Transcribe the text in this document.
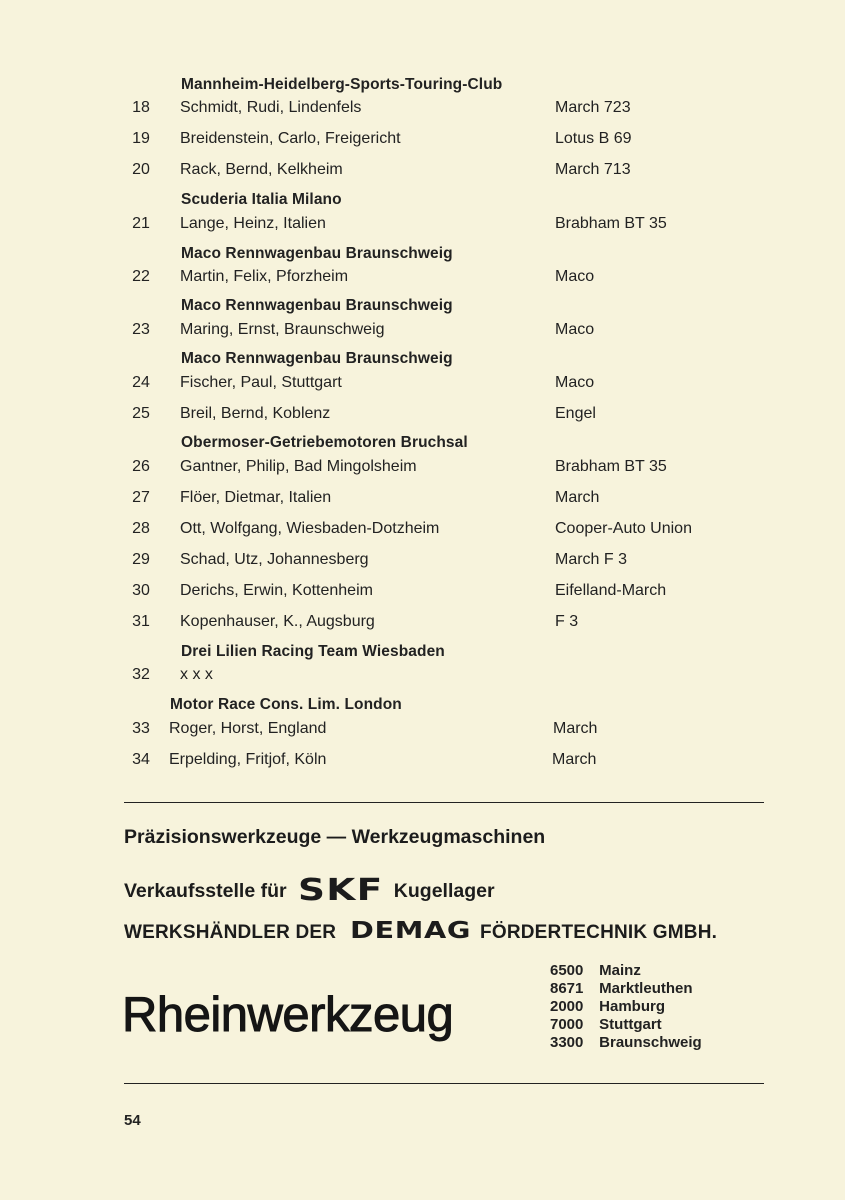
Mannheim-Heidelberg-Sports-Touring-Club
Scuderia Italia Milano
Maco Rennwagenbau Braunschweig
Maco Rennwagenbau Braunschweig
Maco Rennwagenbau Braunschweig
Obermoser-Getriebemotoren Bruchsal
Drei Lilien Racing Team Wiesbaden
Motor Race Cons. Lim. London
18 Schmidt, Rudi, Lindenfels	March 723
19 Breidenstein, Carlo, Freigericht	Lotus B 69
20 Rack, Bernd, Kelkheim	March 713
21 Lange, Heinz, Italien	Brabham BT 35
22 Martin, Felix, Pforzheim	Maco
23 Maring, Ernst, Braunschweig	Maco
24 Fischer, Paul, Stuttgart	Maco
25 Breil, Bernd, Koblenz	Engel
26 Gantner, Philip, Bad Mingolsheim	Brabham BT 35
27 Flöer, Dietmar, Italien	March
28 Ott, Wolfgang, Wiesbaden-Dotzheim	Cooper-Auto Union
29 Schad, Utz, Johannesberg	March F 3
30 Derichs, Erwin, Kottenheim	Eifelland-March
31 Kopenhauser, K., Augsburg	F 3
32 x x x
33 Roger, Horst, England	March
34 Erpelding, Fritjof, Köln	March
Präzisionswerkzeuge — Werkzeugmaschinen
Verkaufsstelle für SKF Kugellager
WERKSHÄNDLER DER DEMAG FÖRDERTECHNIK GMBH.
Rheinwerkzeug
6500 Mainz
8671 Marktleuthen
2000 Hamburg
7000 Stuttgart
3300 Braunschweig
54
